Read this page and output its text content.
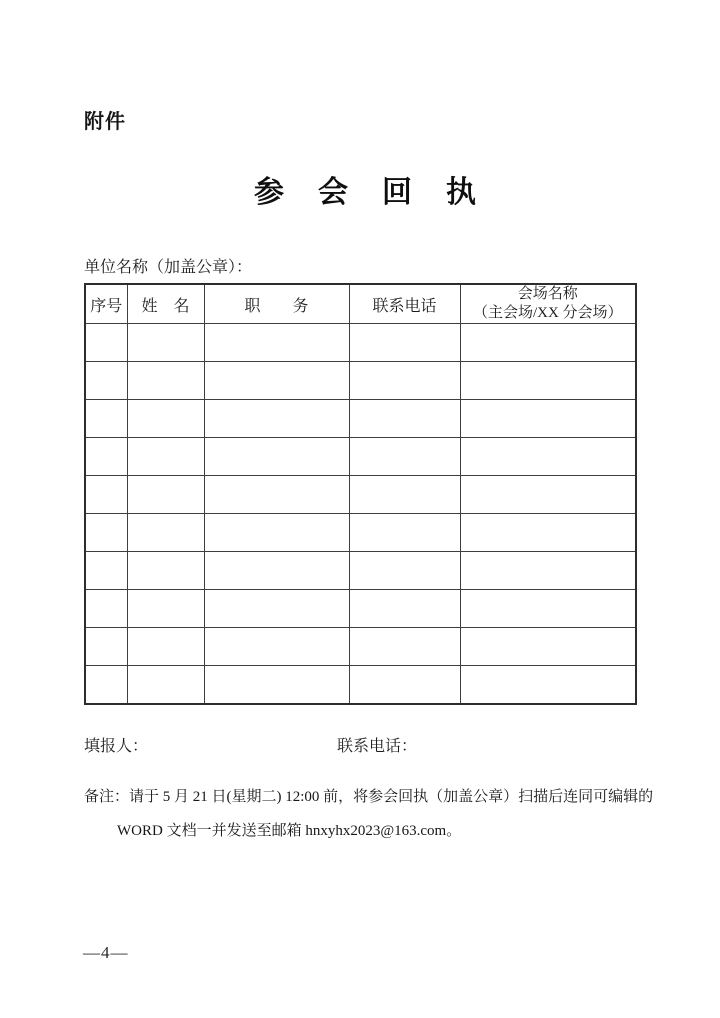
附件
参　会　回　执
单位名称（加盖公章）：
序号	姓　名	职　　务	联系电话	会场名称
（主会场/XX 分会场）

填报人：	联系电话：
备注：请于 5 月 21 日(星期二) 12:00 前，将参会回执（加盖公章）扫描后连同可编辑的
WORD 文档一并发送至邮箱 hnxyhx2023@163.com。
—4—
